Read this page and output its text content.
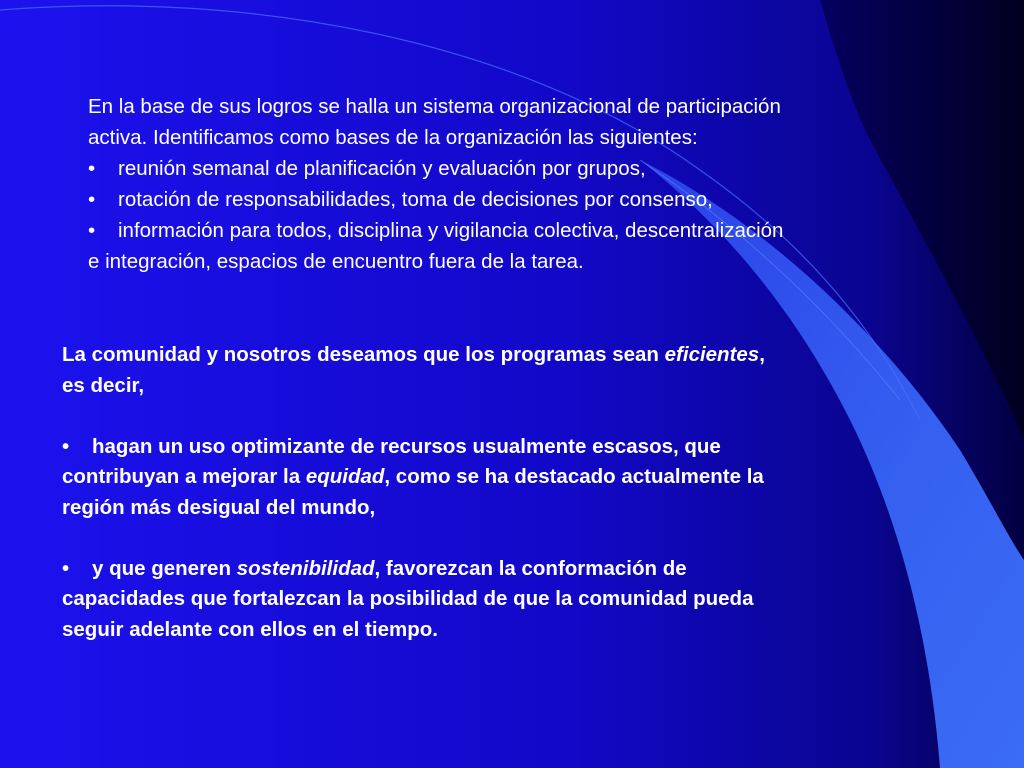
En la base de sus logros se halla un sistema organizacional de participación
activa. Identificamos como bases de la organización las siguientes:
• reunión semanal de planificación y evaluación por grupos,
• rotación de responsabilidades, toma de decisiones por consenso,
• información para todos, disciplina y vigilancia colectiva, descentralización
e integración, espacios de encuentro fuera de la tarea.
La comunidad y nosotros deseamos que los programas sean eficientes,
es decir,
• hagan un uso optimizante de recursos usualmente escasos, que
contribuyan a mejorar la equidad, como se ha destacado actualmente la
región más desigual del mundo,
• y que generen sostenibilidad, favorezcan la conformación de
capacidades que fortalezcan la posibilidad de que la comunidad pueda
seguir adelante con ellos en el tiempo.
